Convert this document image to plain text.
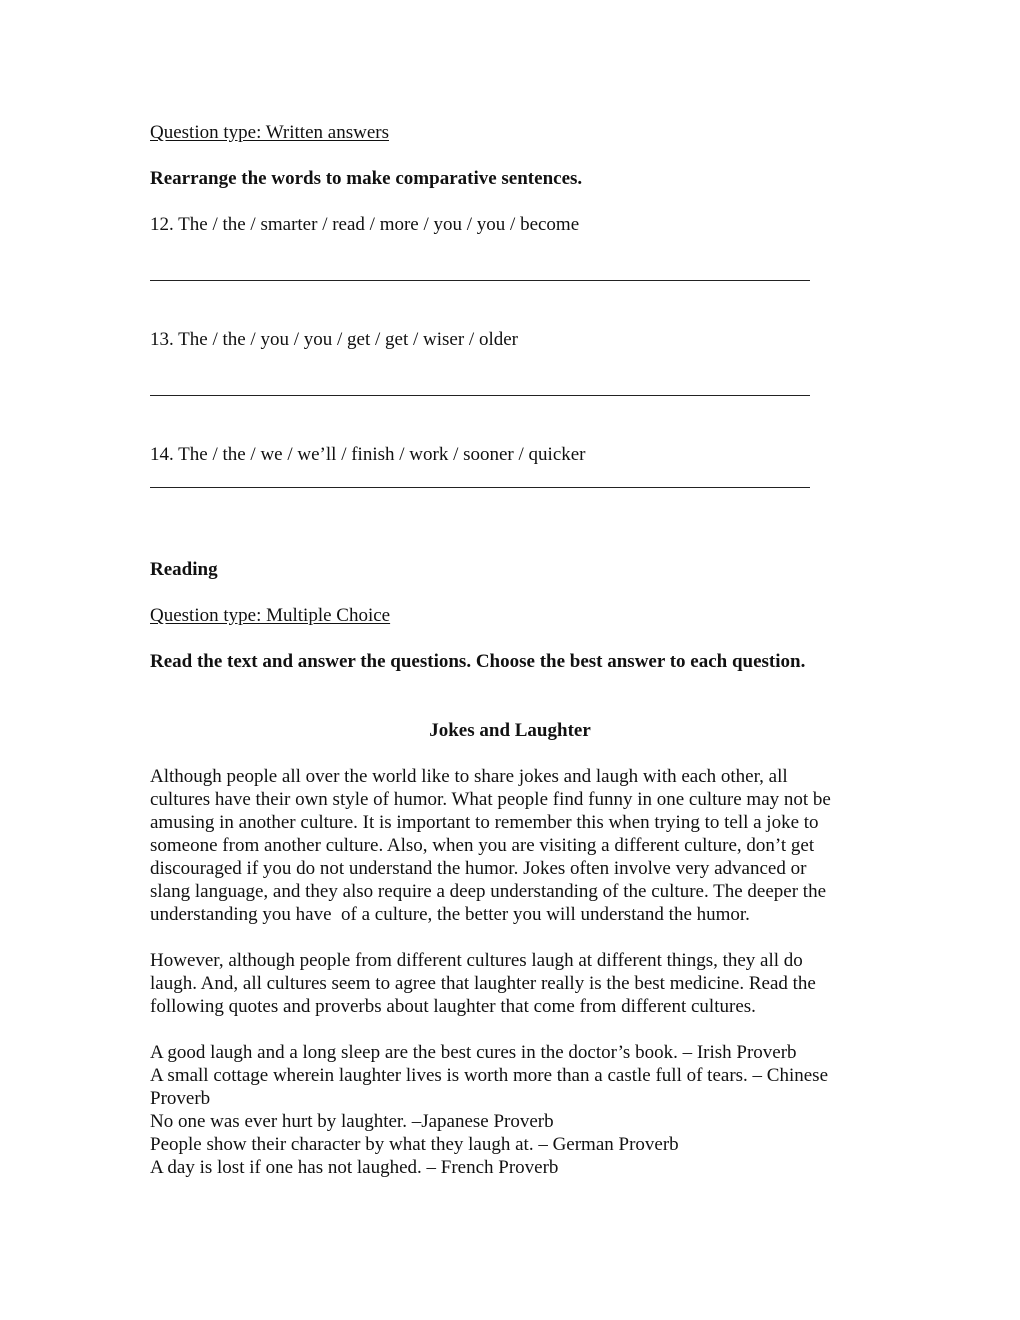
Question type: Written answers
Rearrange the words to make comparative sentences.
12. The / the / smarter / read / more / you / you / become
13. The / the / you / you / get / get / wiser / older
14. The / the / we / we’ll / finish / work / sooner / quicker
Reading
Question type: Multiple Choice
Read the text and answer the questions. Choose the best answer to each question.
Jokes and Laughter
Although people all over the world like to share jokes and laugh with each other, all
cultures have their own style of humor. What people find funny in one culture may not be
amusing in another culture. It is important to remember this when trying to tell a joke to
someone from another culture. Also, when you are visiting a different culture, don’t get
discouraged if you do not understand the humor. Jokes often involve very advanced or
slang language, and they also require a deep understanding of the culture. The deeper the
understanding you have  of a culture, the better you will understand the humor.
However, although people from different cultures laugh at different things, they all do
laugh. And, all cultures seem to agree that laughter really is the best medicine. Read the
following quotes and proverbs about laughter that come from different cultures.
A good laugh and a long sleep are the best cures in the doctor’s book. – Irish Proverb
A small cottage wherein laughter lives is worth more than a castle full of tears. – Chinese
Proverb
No one was ever hurt by laughter. –Japanese Proverb
People show their character by what they laugh at. – German Proverb
A day is lost if one has not laughed. – French Proverb
